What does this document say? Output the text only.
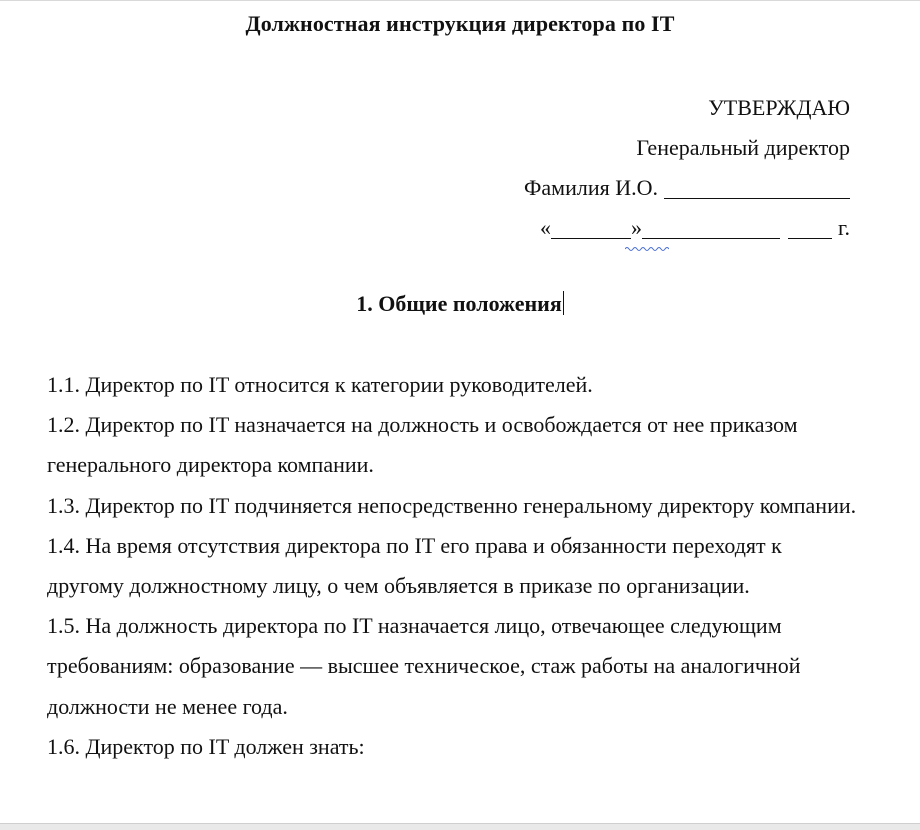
Должностная инструкция директора по IT
УТВЕРЖДАЮ
Генеральный директор
Фамилия И.О.
«	»	г.
1. Общие положения

1.1. Директор по IT относится к категории руководителей.

1.2. Директор по IT назначается на должность и освобождается от нее приказом генерального директора компании.

1.3. Директор по IT подчиняется непосредственно генеральному директору компании.

1.4. На время отсутствия директора по IT его права и обязанности переходят к другому должностному лицу, о чем объявляется в приказе по организации.

1.5. На должность директора по IT назначается лицо, отвечающее следующим требованиям: образование — высшее техническое, стаж работы на аналогичной должности не менее года.

1.6. Директор по IT должен знать:
